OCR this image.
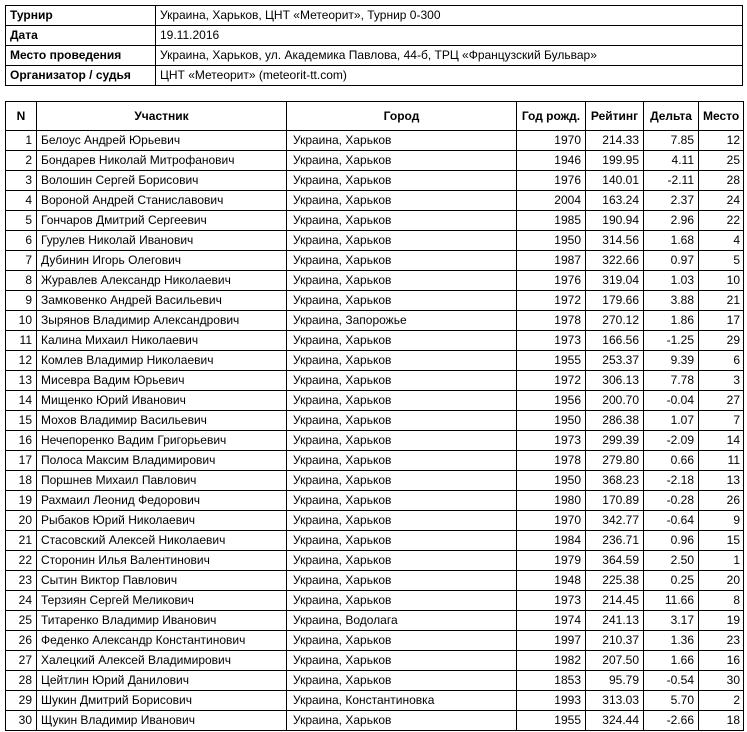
Турнир	Украина, Харьков, ЦНТ «Метеорит», Турнир 0-300
Дата	19.11.2016
Место проведения	Украина, Харьков, ул. Академика Павлова, 44-б, ТРЦ «Французский Бульвар»
Организатор / судья	ЦНТ «Метеорит» (meteorit-tt.com)
N	Участник	Город	Год рожд.	Рейтинг	Дельта	Место
1	Белоус Андрей Юрьевич	Украина, Харьков	1970	214.33	7.85	12
2	Бондарев Николай Митрофанович	Украина, Харьков	1946	199.95	4.11	25
3	Волошин Сергей Борисович	Украина, Харьков	1976	140.01	-2.11	28
4	Вороной Андрей Станиславович	Украина, Харьков	2004	163.24	2.37	24
5	Гончаров Дмитрий Сергеевич	Украина, Харьков	1985	190.94	2.96	22
6	Гурулев Николай Иванович	Украина, Харьков	1950	314.56	1.68	4
7	Дубинин Игорь Олегович	Украина, Харьков	1987	322.66	0.97	5
8	Журавлев Александр Николаевич	Украина, Харьков	1976	319.04	1.03	10
9	Замковенко Андрей Васильевич	Украина, Харьков	1972	179.66	3.88	21
10	Зырянов Владимир Александрович	Украина, Запорожье	1978	270.12	1.86	17
11	Калина Михаил Николаевич	Украина, Харьков	1973	166.56	-1.25	29
12	Комлев Владимир Николаевич	Украина, Харьков	1955	253.37	9.39	6
13	Мисевра Вадим Юрьевич	Украина, Харьков	1972	306.13	7.78	3
14	Мищенко Юрий Иванович	Украина, Харьков	1956	200.70	-0.04	27
15	Мохов Владимир Васильевич	Украина, Харьков	1950	286.38	1.07	7
16	Нечепоренко Вадим Григорьевич	Украина, Харьков	1973	299.39	-2.09	14
17	Полоса Максим Владимирович	Украина, Харьков	1978	279.80	0.66	11
18	Поршнев Михаил Павлович	Украина, Харьков	1950	368.23	-2.18	13
19	Рахмаил Леонид Федорович	Украина, Харьков	1980	170.89	-0.28	26
20	Рыбаков Юрий Николаевич	Украина, Харьков	1970	342.77	-0.64	9
21	Стасовский Алексей Николаевич	Украина, Харьков	1984	236.71	0.96	15
22	Сторонин Илья Валентинович	Украина, Харьков	1979	364.59	2.50	1
23	Сытин Виктор Павлович	Украина, Харьков	1948	225.38	0.25	20
24	Терзиян Сергей Меликович	Украина, Харьков	1973	214.45	11.66	8
25	Титаренко Владимир Иванович	Украина, Водолага	1974	241.13	3.17	19
26	Феденко Александр Константинович	Украина, Харьков	1997	210.37	1.36	23
27	Халецкий Алексей Владимирович	Украина, Харьков	1982	207.50	1.66	16
28	Цейтлин Юрий Данилович	Украина, Харьков	1853	95.79	-0.54	30
29	Шукин Дмитрий Борисович	Украина, Константиновка	1993	313.03	5.70	2
30	Щукин Владимир Иванович	Украина, Харьков	1955	324.44	-2.66	18
